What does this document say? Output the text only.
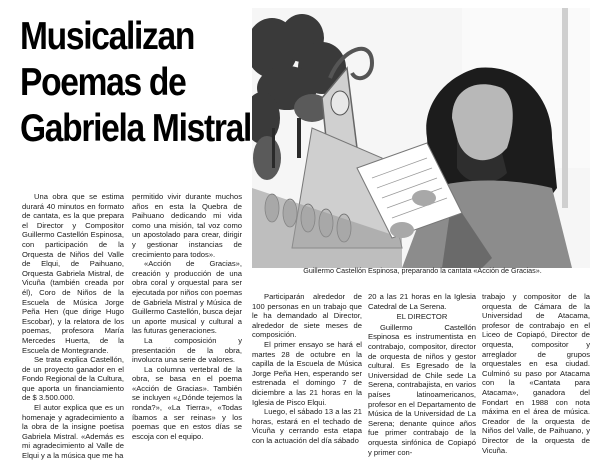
Musicalizan
Poemas de
Gabriela Mistral
Guillermo Castellón Espinosa, preparando la cantata «Acción de Gracias».

Una obra que se estima durará 40 minutos en formato de cantata, es la que prepara el Director y Compositor Guillermo Castellón Espinosa, con participación de la Orquesta de Niños del Valle de Elqui, de Paihuano, Orquesta Gabriela Mistral, de Vicuña (también creada por él), Coro de Niños de la Escuela de Música Jorge Peña Hen (que dirige Hugo Escobar), y la relatora de los poemas, profesora María Mercedes Huerta, de la Escuela de Montegrande.

Se trata explica Castellón, de un proyecto ganador en el Fondo Regional de la Cultura, que aporta un financiamiento de $ 3.500.000.

El autor explica que es un homenaje y agradecimiento a la obra de la insigne poetisa Gabriela Mistral. «Además es mi agradecimiento al Valle de Elqui y a la música que me ha

permitido vivir durante muchos años en esta la Quebra de Paihuano dedicando mi vida como una misión, tal voz como un apostolado para crear, dirigir y gestionar instancias de crecimiento para todos».

«Acción de Gracias», creación y producción de una obra coral y orquestal para ser ejecutada por niños con poemas de Gabriela Mistral y Música de Guillermo Castellón, busca dejar un aporte musical y cultural a las futuras generaciones.

La composición y presentación de la obra, involucra una serie de valores.

La columna vertebral de la obra, se basa en el poema «Acción de Gracias». También se incluyen «¿Dónde tejemos la ronda?», «La Tierra», «Todas íbamos a ser reinas» y los poemas que en estos días se escoja con el equipo.

Participarán alrededor de 100 personas en un trabajo que le ha demandado al Director, alrededor de siete meses de composición.

El primer ensayo se hará el martes 28 de octubre en la capilla de la Escuela de Música Jorge Peña Hen, esperando ser estrenada el domingo 7 de diciembre a las 21 horas en la Iglesia de Pisco Elqui.

Luego, el sábado 13 a las 21 horas, estará en el techado de Vicuña y cerrando esta etapa con la actuación del día sábado

20 a las 21 horas en la Iglesia Catedral de La Serena.

EL DIRECTOR

Guillermo Castellón Espinosa es instrumentista en contrabajo, compositor, director de orquesta de niños y gestor cultural. Es Egresado de la Universidad de Chile sede La Serena, contrabajista, en varios países latinoamericanos, profesor en el Departamento de Música de la Universidad de La Serena; denante quince años fue primer contrabajo de la orquesta sinfónica de Copiapó y primer con-

trabajo y compositor de la orquesta de Cámara de la Universidad de Atacama, profesor de contrabajo en el Liceo de Copiapó, Director de orquesta, compositor y arreglador de grupos orquestales en esa ciudad. Culminó su paso por Atacama con la «Cantata para Atacama», ganadora del Fondart en 1988 con nota máxima en el área de música. Creador de la orquesta de Niños del Valle, de Paihuano, y Director de la orquesta de Vicuña.
